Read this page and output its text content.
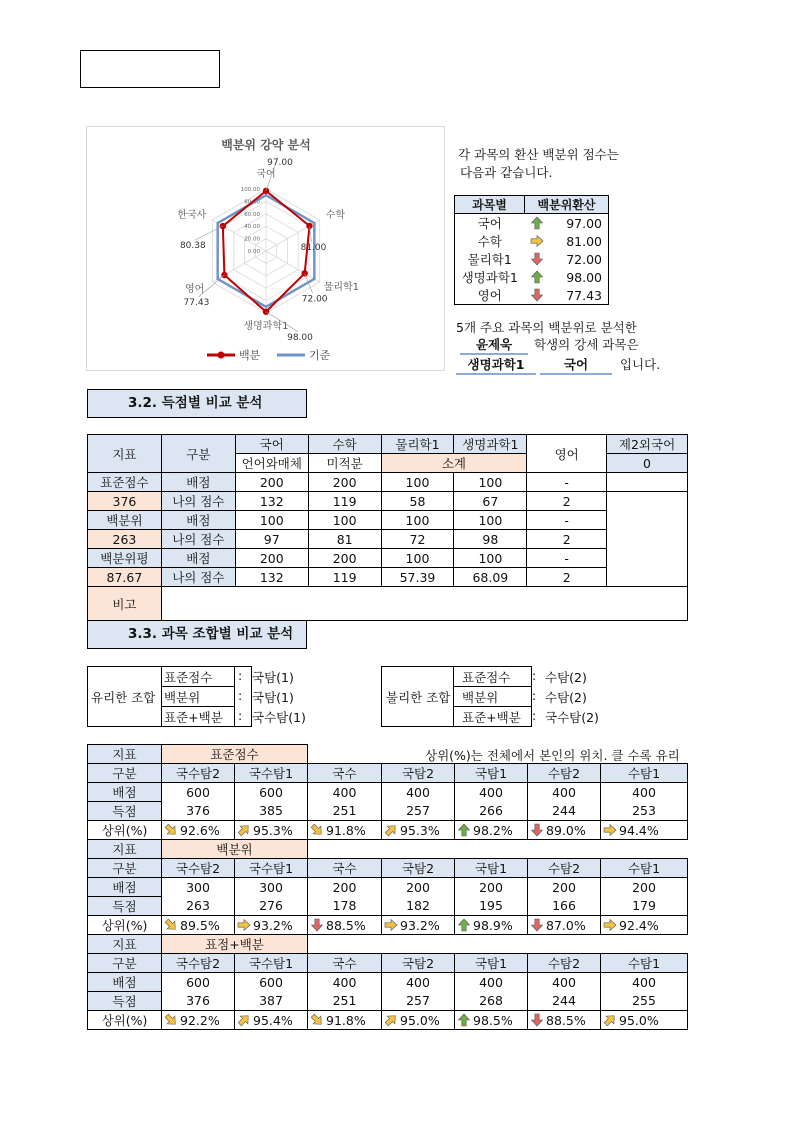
백분위 강약 분석
100.00
80.00
60.00
40.00
20.00
0.00
국어
97.00
수학
81.00
물리학1
72.00
생명과학1
98.00
영어
77.43
한국사
80.38
백분	기준
각 과목의 환산 백분위 점수는
다음과 같습니다.
과목별	백분위환산	
국어		97.00
수학		81.00
물리학1		72.00
생명과학1		98.00
영어		77.43
5개 주요 과목의 백분위로 분석한
윤제욱 학생의 강세 과목은
생명과학1	국어	입니다.
3.2. 득점별 비교 분석
지표	구분	국어	수학	물리학1	생명과학1	영어	제2외국어
		언어와매체	미적분	소계			0
표준점수	배점	200	200	100	100	-	
376	나의 점수	132	119	58	67	2	
백분위	배점	100	100	100	100	-	
263	나의 점수	97	81	72	98	2	
백분위평	배점	200	200	100	100	-	
87.67	나의 점수	132	119	57.39	68.09	2	
비고							
3.3. 과목 조합별 비교 분석
유리한 조합
표준점수 : 국탐(1)
백분위	: 국탐(1)
표준+백분 : 국수탐(1)
불리한 조합
표준점수 : 수탐(2)
백분위	: 수탐(2)
표준+백분 : 국수탐(2)
상위(%)는 전체에서 본인의 위치. 클 수록 유리
지표	표준점수						
구분	국수탐2	국수탐1	국수	국탐2	국탐1	수탐2	수탐1
배점	600	600	400	400	400	400	400
득점	376	385	251	257	266	244	253
상위(%)	92.6%	95.3%	91.8%	95.3%	98.2%	89.0%	94.4%
지표	백분위						
구분	국수탐2	국수탐1	국수	국탐2	국탐1	수탐2	수탐1
배점	300	300	200	200	200	200	200
득점	263	276	178	182	195	166	179
상위(%)	89.5%	93.2%	88.5%	93.2%	98.9%	87.0%	92.4%
지표	표점+백분						
구분	국수탐2	국수탐1	국수	국탐2	국탐1	수탐2	수탐1
배점	600	600	400	400	400	400	400
득점	376	387	251	257	268	244	255
상위(%)	92.2%	95.4%	91.8%	95.0%	98.5%	88.5%	95.0%
